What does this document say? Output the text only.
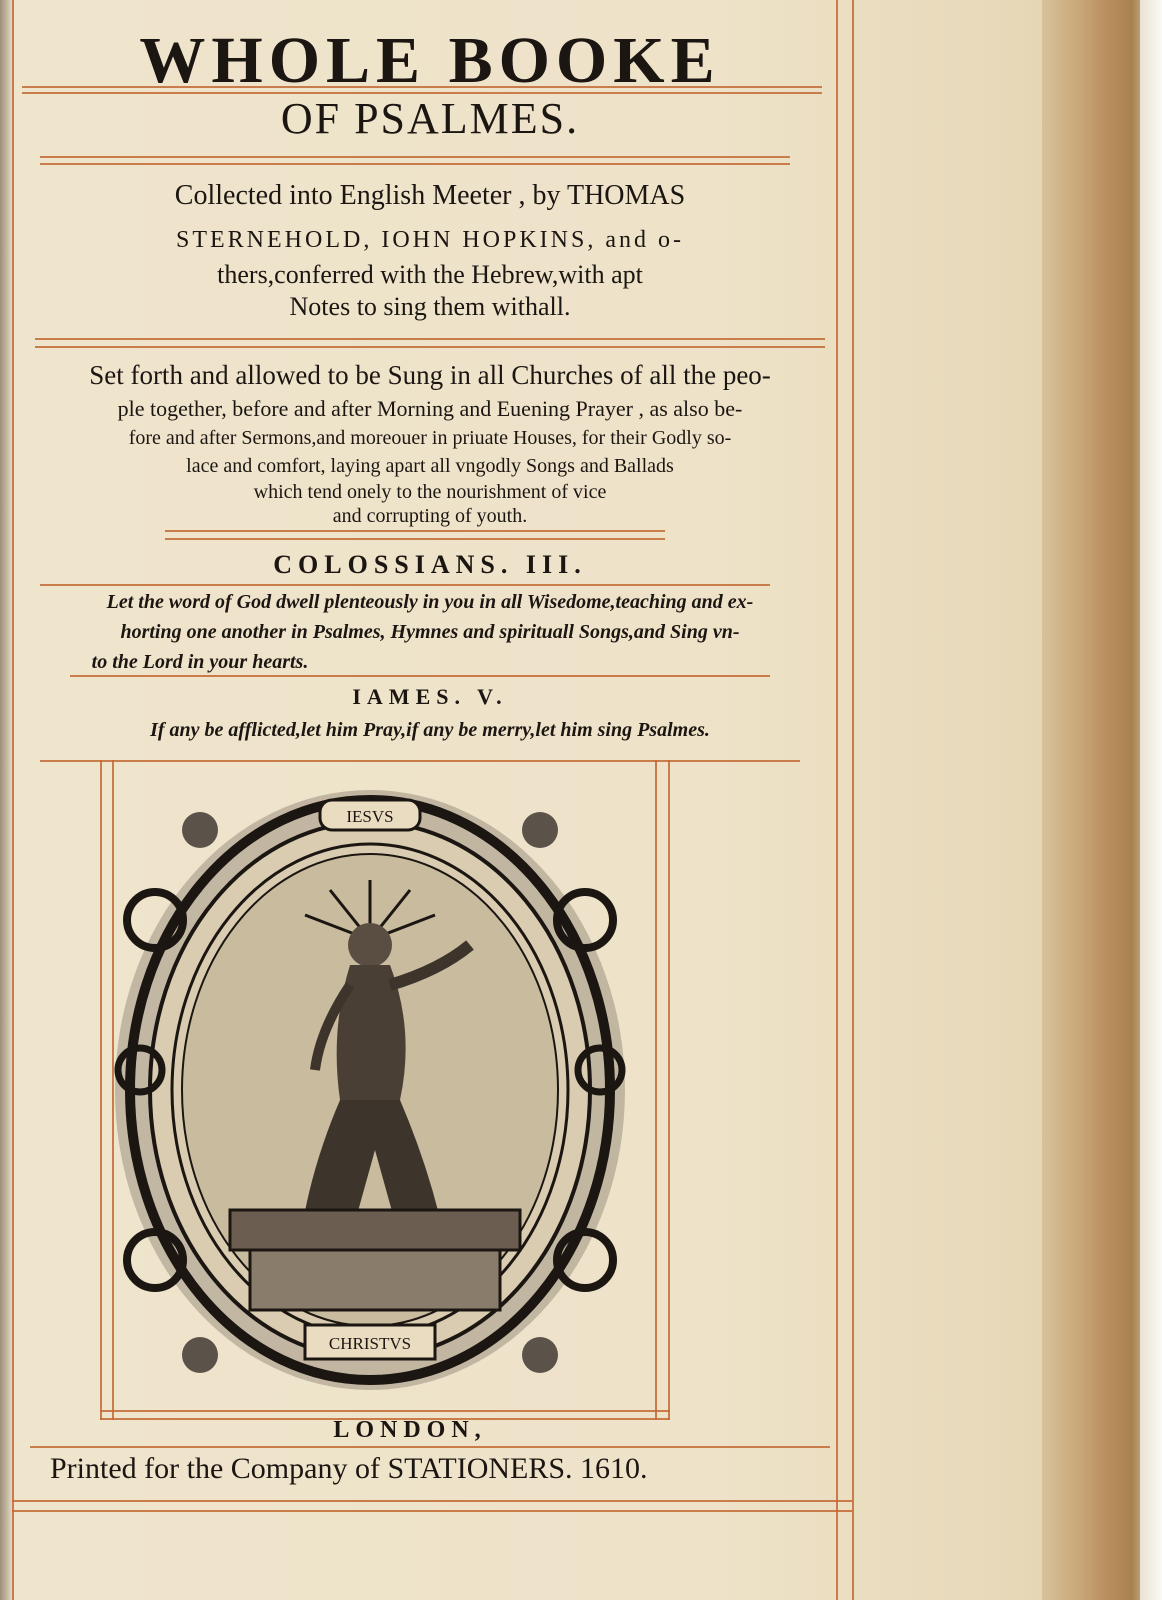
WHOLE BOOKE
OF PSALMES.
Collected into English Meeter , by THOMAS
STERNEHOLD, IOHN HOPKINS, and o-
thers,conferred with the Hebrew,with apt
Notes to sing them withall.
Set forth and allowed to be Sung in all Churches of all the peo-
ple together, before and after Morning and Euening Prayer , as also be-
fore and after Sermons,and moreouer in priuate Houses, for their Godly so-
lace and comfort, laying apart all vngodly Songs and Ballads
which tend onely to the nourishment of vice
and corrupting of youth.
COLOSSIANS. III.
Let the word of God dwell plenteously in you in all Wisedome,teaching and ex-
horting one another in Psalmes, Hymnes and spirituall Songs,and Sing vn-
to the Lord in your hearts.
IAMES. V.
If any be afflicted,let him Pray,if any be merry,let him sing Psalmes.
IESVS
CHRISTVS
LONDON,
Printed for the Company of STATIONERS. 1610.
